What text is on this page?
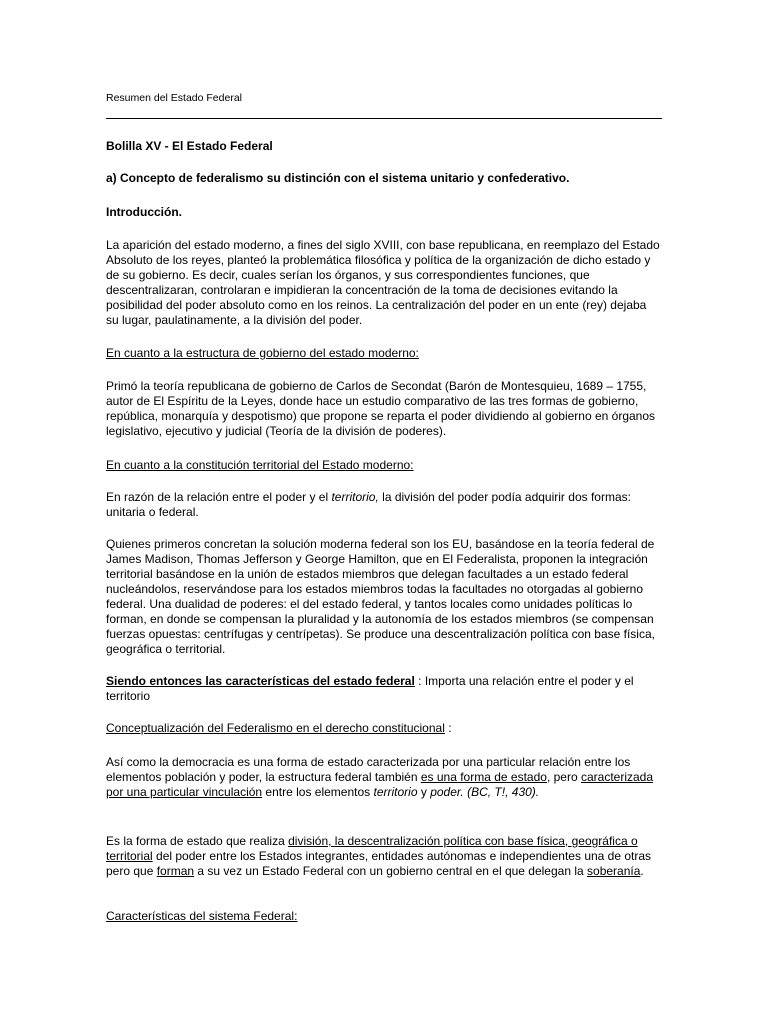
Resumen del Estado Federal
Bolilla XV - El Estado Federal
a) Concepto de federalismo su distinción con el sistema unitario y confederativo.
Introducción.
La aparición del estado moderno, a fines del siglo XVIII, con base republicana, en reemplazo del Estado Absoluto de los reyes, planteó la problemática filosófica y política de la organización de dicho estado y de su gobierno. Es decir, cuales serían los órganos, y sus correspondientes funciones, que descentralizaran, controlaran e impidieran la concentración de la toma de decisiones evitando la posibilidad del poder absoluto como en los reinos. La centralización del poder en un ente (rey) dejaba su lugar, paulatinamente, a la división del poder.
En cuanto a la estructura de gobierno del estado moderno:
Primó la teoría republicana de gobierno de Carlos de Secondat (Barón de Montesquieu, 1689 – 1755, autor de El Espíritu de la Leyes, donde hace un estudio comparativo de las tres formas de gobierno, república, monarquía y despotismo) que propone se reparta el poder dividiendo al gobierno en órganos legislativo, ejecutivo y judicial (Teoría de la división de poderes).
En cuanto a la constitución territorial del Estado moderno:
En razón de la relación entre el poder y el territorio, la división del poder podía adquirir dos formas: unitaria o federal.
Quienes primeros concretan la solución moderna federal son los EU, basándose en la teoría federal de James Madison, Thomas Jefferson y George Hamilton, que en El Federalista, proponen la integración territorial basándose en la unión de estados miembros que delegan facultades a un estado federal nucleándolos, reservándose para los estados miembros todas la facultades no otorgadas al gobierno federal. Una dualidad de poderes: el del estado federal, y tantos locales como unidades políticas lo forman, en donde se compensan la pluralidad y la autonomía de los estados miembros (se compensan fuerzas opuestas: centrífugas y centrípetas). Se produce una descentralización política con base física, geográfica o territorial.
Siendo entonces las características del estado federal : Importa una relación entre el poder y el territorio
Conceptualización del Federalismo en el derecho constitucional :
Así como la democracia es una forma de estado caracterizada por una particular relación entre los elementos población y poder, la estructura federal también es una forma de estado, pero caracterizada por una particular vinculación entre los elementos territorio y poder. (BC, T!, 430).
Es la forma de estado que realiza división, la descentralización política con base física, geográfica o territorial del poder entre los Estados integrantes, entidades autónomas e independientes una de otras pero que forman a su vez un Estado Federal con un gobierno central en el que delegan la soberanía.
Características del sistema Federal:
